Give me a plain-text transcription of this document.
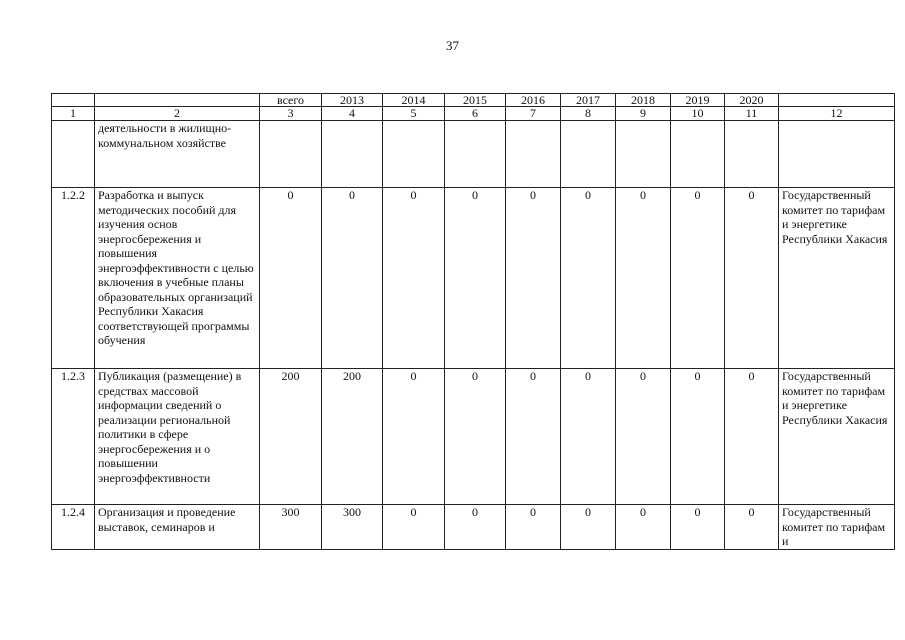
37
		всего	2013	2014	2015	2016	2017	2018	2019	2020	
1	2	3	4	5	6	7	8	9	10	11	12
	деятельности в жилищно-коммунальном хозяйстве										
1.2.2	Разработка и выпуск методических пособий для изучения основ энергосбережения и повышения энергоэффективности с целью включения в учебные планы образовательных организаций Республики Хакасия соответствующей программы обучения	0	0	0	0	0	0	0	0	0	Государственный комитет по тарифам и энергетике Республики Хакасия
1.2.3	Публикация (размещение) в средствах массовой информации сведений о реализации региональной политики в сфере энергосбережения и о повышении энергоэффективности	200	200	0	0	0	0	0	0	0	Государственный комитет по тарифам и энергетике Республики Хакасия
1.2.4	Организация и проведение выставок, семинаров и	300	300	0	0	0	0	0	0	0	Государственный комитет по тарифам и
